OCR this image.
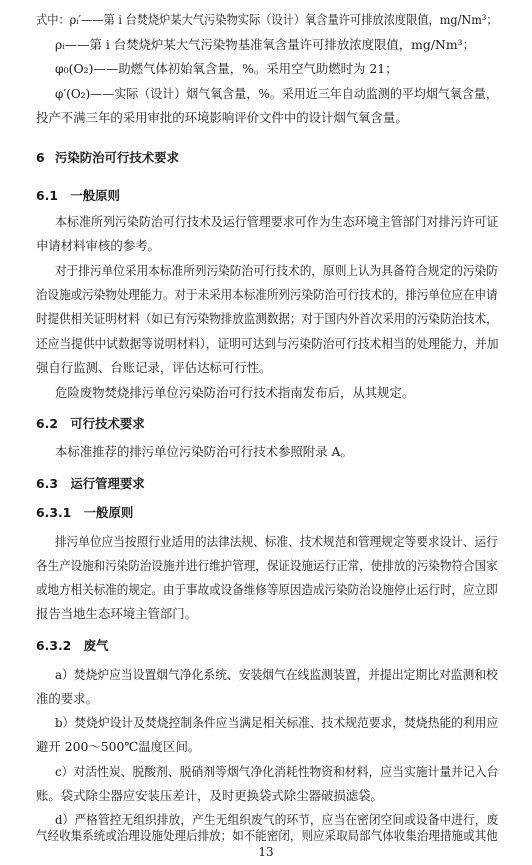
式中：ρᵢ′——第 i 台焚烧炉某大气污染物实际（设计）氧含量许可排放浓度限值，mg/Nm³；
ρᵢ——第 i 台焚烧炉某大气污染物基准氧含量许可排放浓度限值，mg/Nm³；
φ₀(O₂)——助燃气体初始氧含量，%。采用空气助燃时为 21；
φ′(O₂)——实际（设计）烟气氧含量，%。采用近三年自动监测的平均烟气氧含量，
投产不满三年的采用审批的环境影响评价文件中的设计烟气氧含量。
6 污染防治可行技术要求
6.1　一般原则
本标准所列污染防治可行技术及运行管理要求可作为生态环境主管部门对排污许可证
申请材料审核的参考。
对于排污单位采用本标准所列污染防治可行技术的，原则上认为具备符合规定的污染防
治设施或污染物处理能力。对于未采用本标准所列污染防治可行技术的，排污单位应在申请
时提供相关证明材料（如已有污染物排放监测数据；对于国内外首次采用的污染防治技术，
还应当提供中试数据等说明材料），证明可达到与污染防治可行技术相当的处理能力，并加
强自行监测、台账记录，评估达标可行性。
危险废物焚烧排污单位污染防治可行技术指南发布后，从其规定。
6.2　可行技术要求
本标准推荐的排污单位污染防治可行技术参照附录 A。
6.3　运行管理要求
6.3.1　一般原则
排污单位应当按照行业适用的法律法规、标准、技术规范和管理规定等要求设计、运行
各生产设施和污染防治设施并进行维护管理，保证设施运行正常，使排放的污染物符合国家
或地方相关标准的规定。由于事故或设备维修等原因造成污染防治设施停止运行时，应立即
报告当地生态环境主管部门。
6.3.2　废气
a）焚烧炉应当设置烟气净化系统、安装烟气在线监测装置，并提出定期比对监测和校
准的要求。
b）焚烧炉设计及焚烧控制条件应当满足相关标准、技术规范要求，焚烧热能的利用应
避开 200～500℃温度区间。
c）对活性炭、脱酸剂、脱硝剂等烟气净化消耗性物资和材料，应当实施计量并记入台
账。袋式除尘器应安装压差计，及时更换袋式除尘器破损滤袋。
d）严格管控无组织排放，产生无组织废气的环节，应当在密闭空间或设备中进行，废
气经收集系统或治理设施处理后排放；如不能密闭，则应采取局部气体收集治理措施或其他
13
